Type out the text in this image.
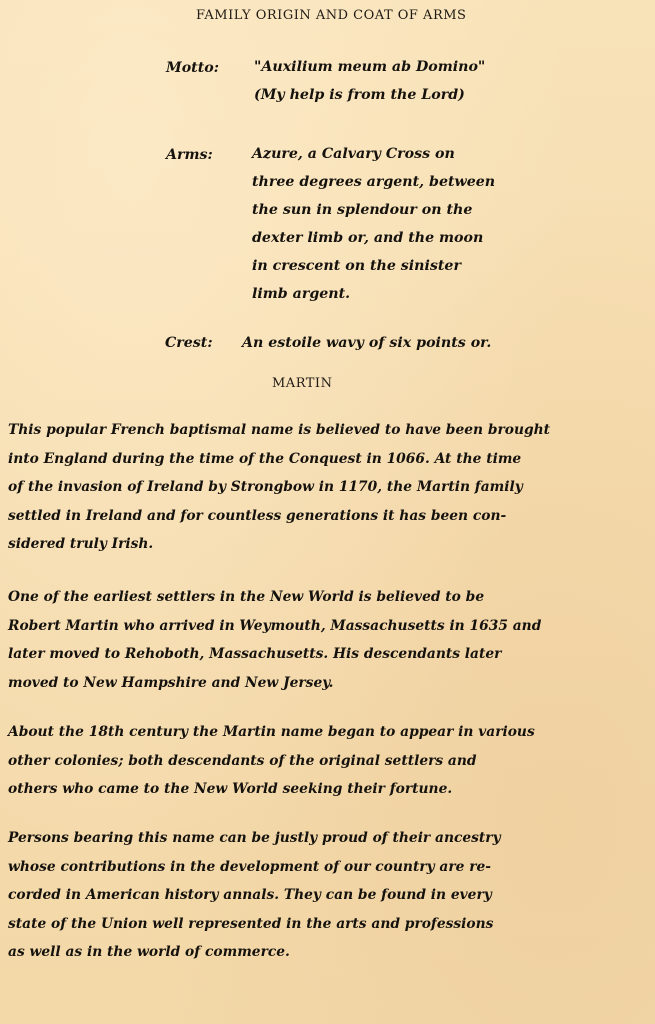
FAMILY ORIGIN AND COAT OF ARMS
Motto: "Auxilium meum ab Domino"
(My help is from the Lord)
Arms:	Azure, a Calvary Cross on
three degrees argent, between
the sun in splendour on the
dexter limb or, and the moon
in crescent on the sinister
limb argent.
Crest: An estoile wavy of six points or.
MARTIN
This popular French baptismal name is believed to have been brought
into England during the time of the Conquest in 1066. At the time
of the invasion of Ireland by Strongbow in 1170, the Martin family
settled in Ireland and for countless generations it has been con-
sidered truly Irish.
One of the earliest settlers in the New World is believed to be
Robert Martin who arrived in Weymouth, Massachusetts in 1635 and
later moved to Rehoboth, Massachusetts. His descendants later
moved to New Hampshire and New Jersey.
About the 18th century the Martin name began to appear in various
other colonies; both descendants of the original settlers and
others who came to the New World seeking their fortune.
Persons bearing this name can be justly proud of their ancestry
whose contributions in the development of our country are re-
corded in American history annals. They can be found in every
state of the Union well represented in the arts and professions
as well as in the world of commerce.
